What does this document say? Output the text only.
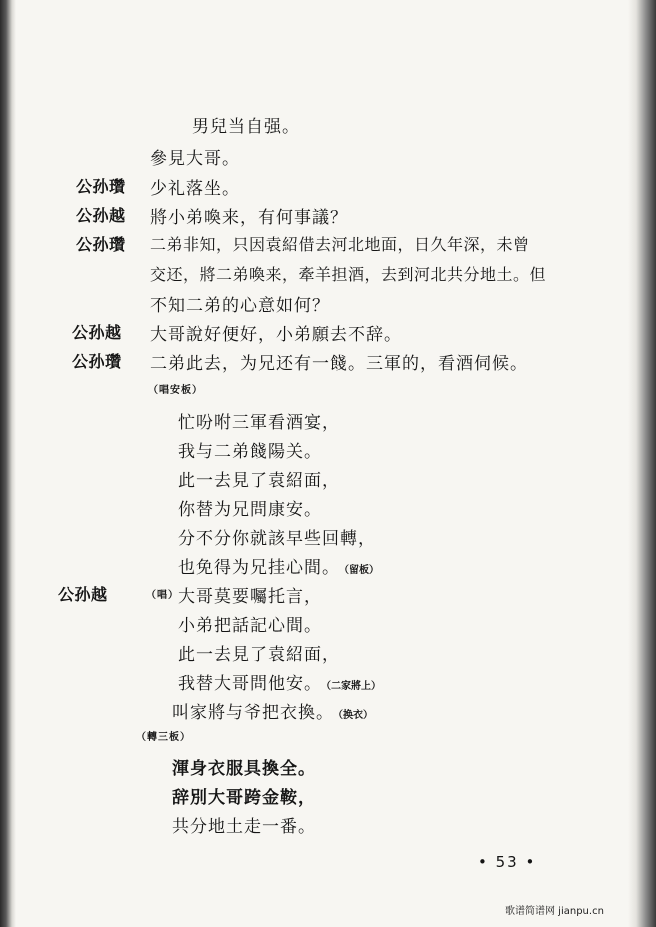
男兒当自强。
參見大哥。
公孙瓚 少礼落坐。
公孙越 將小弟喚来，有何事議？
公孙瓚 二弟非知，只因袁紹借去河北地面，日久年深，未曾
交还，將二弟喚来，牽羊担酒，去到河北共分地土。但
不知二弟的心意如何？
公孙越 大哥說好便好，小弟願去不辞。
公孙瓚 二弟此去，为兄还有一餞。三軍的，看酒伺候。
（唱安板）
忙吩咐三軍看酒宴，
我与二弟餞陽关。
此一去見了袁紹面，
你替为兄問康安。
分不分你就該早些回轉，
也免得为兄挂心間。 （留板）
公孙越	（唱） 大哥莫要囑托言，
小弟把話記心間。
此一去見了袁紹面，
我替大哥問他安。 （二家將上）
叫家將与爷把衣換。 （换衣）
（轉三板）
渾身衣服具換全。
辞別大哥跨金鞍，
共分地土走一番。
• 53 •
歌谱简谱网 jianpu.cn
